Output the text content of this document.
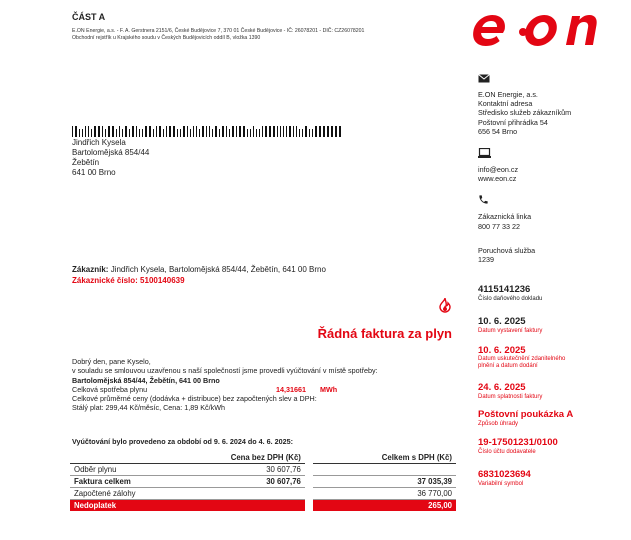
ČÁST A
E.ON Energie, a.s. - F. A. Gerstnera 2151/6, České Budějovice 7, 370 01 České Budějovice - IČ: 26078201 - DIČ: CZ26078201
Obchodní rejstřík u Krajského soudu v Českých Budějovicích oddíl B, vložka 1390
Jindřich Kysela
Bartolomějská 854/44
Žebětín
641 00 Brno
Zákazník: Jindřich Kysela, Bartolomějská 854/44, Žebětín, 641 00 Brno
Zákaznické číslo: 5100140639
E.ON Energie, a.s.
Kontaktní adresa
Středisko služeb zákazníkům
Poštovní přihrádka 54
656 54 Brno
info@eon.cz
www.eon.cz
Zákaznická linka
800 77 33 22
Poruchová služba
1239
4115141236
Číslo daňového dokladu
10. 6. 2025
Datum vystavení faktury
10. 6. 2025
Datum uskutečnění zdanitelného plnění a datum dodání
24. 6. 2025
Datum splatnosti faktury
Poštovní poukázka A
Způsob úhrady
19-17501231/0100
Číslo účtu dodavatele
6831023694
Variabilní symbol
Řádná faktura za plyn
Dobrý den, pane Kyselo,
v souladu se smlouvou uzavřenou s naší společností jsme provedli vyúčtování v místě spotřeby:
Bartolomějská 854/44, Žebětín, 641 00 Brno
Celková spotřeba plynu	14,31661 MWh
Celkové průměrné ceny (dodávka + distribuce) bez započtených slev a DPH:
Stálý plat: 299,44 Kč/měsíc, Cena: 1,89 Kč/kWh
Vyúčtování bylo provedeno za období od 9. 6. 2024 do 4. 6. 2025:
	Cena bez DPH (Kč)		Celkem s DPH (Kč)
Odběr plynu	30 607,76		
Faktura celkem	30 607,76		37 035,39
Započtené zálohy			36 770,00
Nedoplatek			265,00
